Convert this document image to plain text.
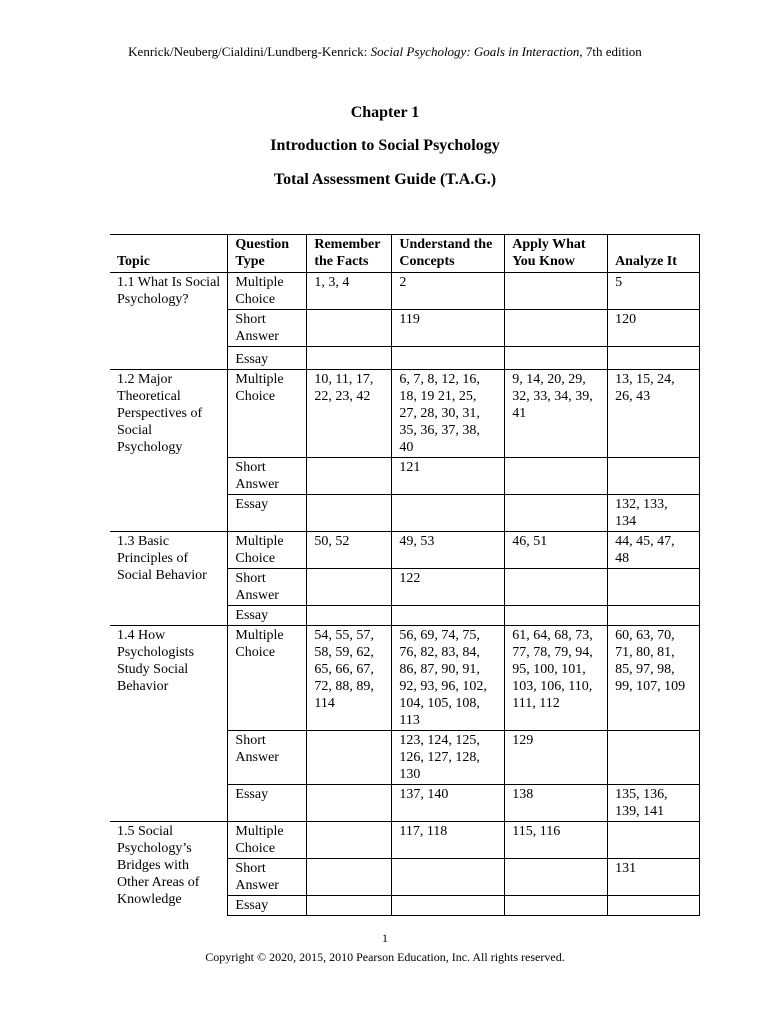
Kenrick/Neuberg/Cialdini/Lundberg-Kenrick: Social Psychology: Goals in Interaction, 7th edition
Chapter 1
Introduction to Social Psychology
Total Assessment Guide (T.A.G.)
Topic	Question Type	Remember the Facts	Understand the Concepts	Apply What You Know	Analyze It
1.1 What Is Social Psychology?	Multiple Choice	1, 3, 4	2		5
	Short Answer		119		120
	Essay				
1.2 Major Theoretical Perspectives of Social Psychology	Multiple Choice	10, 11, 17, 22, 23, 42	6, 7, 8, 12, 16, 18, 19 21, 25, 27, 28, 30, 31, 35, 36, 37, 38, 40	9, 14, 20, 29, 32, 33, 34, 39, 41	13, 15, 24, 26, 43
	Short Answer		121		
	Essay				132, 133, 134
1.3 Basic Principles of Social Behavior	Multiple Choice	50, 52	49, 53	46, 51	44, 45, 47, 48
	Short Answer		122		
	Essay				
1.4 How Psychologists Study Social Behavior	Multiple Choice	54, 55, 57, 58, 59, 62, 65, 66, 67, 72, 88, 89, 114	56, 69, 74, 75, 76, 82, 83, 84, 86, 87, 90, 91, 92, 93, 96, 102, 104, 105, 108, 113	61, 64, 68, 73, 77, 78, 79, 94, 95, 100, 101, 103, 106, 110, 111, 112	60, 63, 70, 71, 80, 81, 85, 97, 98, 99, 107, 109
	Short Answer		123, 124, 125, 126, 127, 128, 130	129	
	Essay		137, 140	138	135, 136, 139, 141
1.5 Social Psychology’s Bridges with Other Areas of Knowledge	Multiple Choice		117, 118	115, 116	
	Short Answer				131
	Essay				
1
Copyright © 2020, 2015, 2010 Pearson Education, Inc. All rights reserved.
